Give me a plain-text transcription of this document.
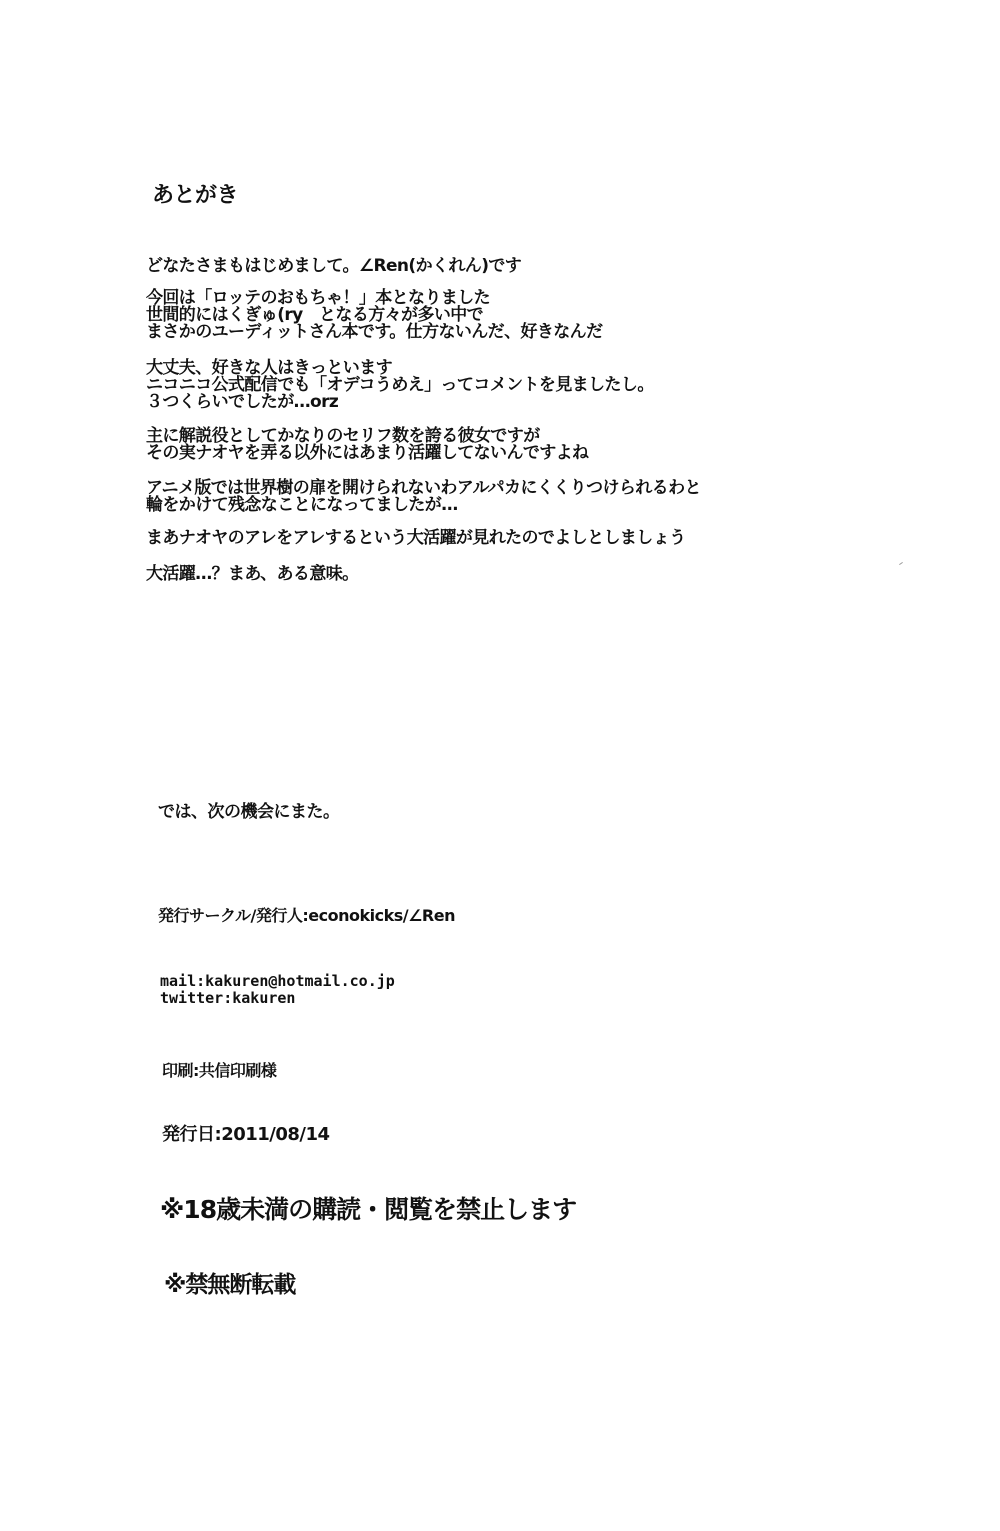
あとがき

どなたさまもはじめまして。∠Ren(かくれん)です

今回は「ロッテのおもちゃ！」本となりました
世間的にはくぎゅ(ry　となる方々が多い中で
まさかのユーディットさん本です。仕方ないんだ、好きなんだ

大丈夫、好きな人はきっといます
ニコニコ公式配信でも「オデコうめえ」ってコメントを見ましたし。
３つくらいでしたが…orz

主に解説役としてかなりのセリフ数を誇る彼女ですが
その実ナオヤを弄る以外にはあまり活躍してないんですよね

アニメ版では世界樹の扉を開けられないわアルパカにくくりつけられるわと
輪をかけて残念なことになってましたが…

まあナオヤのアレをアレするという大活躍が見れたのでよしとしましょう

大活躍…？まあ、ある意味。

では、次の機会にまた。

発行サークル/発行人:econokicks/∠Ren

mail:kakuren@hotmail.co.jp
twitter:kakuren

印刷:共信印刷様

発行日:2011/08/14

※18歳未満の購読・閲覧を禁止します

※禁無断転載
